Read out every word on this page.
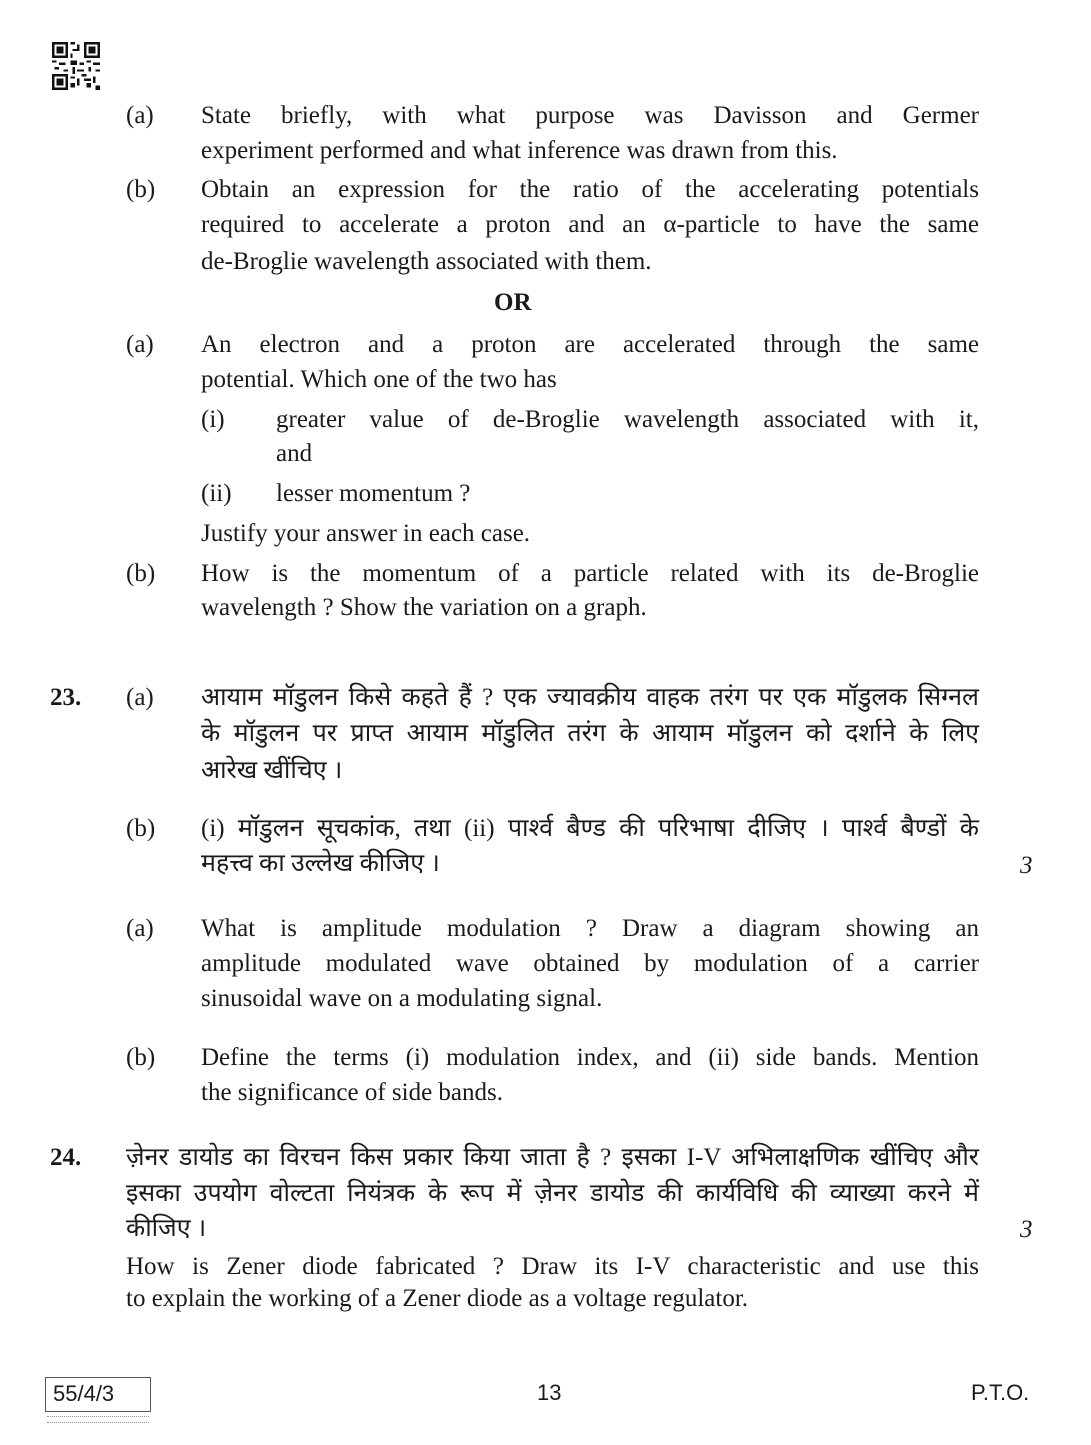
(a) State briefly, with what purpose was Davisson and Germer
experiment performed and what inference was drawn from this.
(b) Obtain an expression for the ratio of the accelerating potentials
required to accelerate a proton and an α-particle to have the same
de-Broglie wavelength associated with them.
OR
(a) An electron and a proton are accelerated through the same
potential. Which one of the two has
(i) greater value of de-Broglie wavelength associated with it,
and
(ii) lesser momentum ?
Justify your answer in each case.
(b) How is the momentum of a particle related with its de-Broglie
wavelength ? Show the variation on a graph.
23. (a) आयाम मॉडुलन किसे कहते हैं ? एक ज्यावक्रीय वाहक तरंग पर एक मॉडुलक सिग्नल
के मॉडुलन पर प्राप्त आयाम मॉडुलित तरंग के आयाम मॉडुलन को दर्शाने के लिए
आरेख खींचिए ।
(b) (i) मॉडुलन सूचकांक, तथा (ii) पार्श्व बैण्ड की परिभाषा दीजिए । पार्श्व बैण्डों के
महत्त्व का उल्लेख कीजिए ।	3
(a) What is amplitude modulation ? Draw a diagram showing an
amplitude modulated wave obtained by modulation of a carrier
sinusoidal wave on a modulating signal.
(b) Define the terms (i) modulation index, and (ii) side bands. Mention
the significance of side bands.
24. ज़ेनर डायोड का विरचन किस प्रकार किया जाता है ? इसका I-V अभिलाक्षणिक खींचिए और
इसका उपयोग वोल्टता नियंत्रक के रूप में ज़ेनर डायोड की कार्यविधि की व्याख्या करने में
कीजिए ।	3
How is Zener diode fabricated ? Draw its I-V characteristic and use this
to explain the working of a Zener diode as a voltage regulator.
55/4/3	13	P.T.O.
